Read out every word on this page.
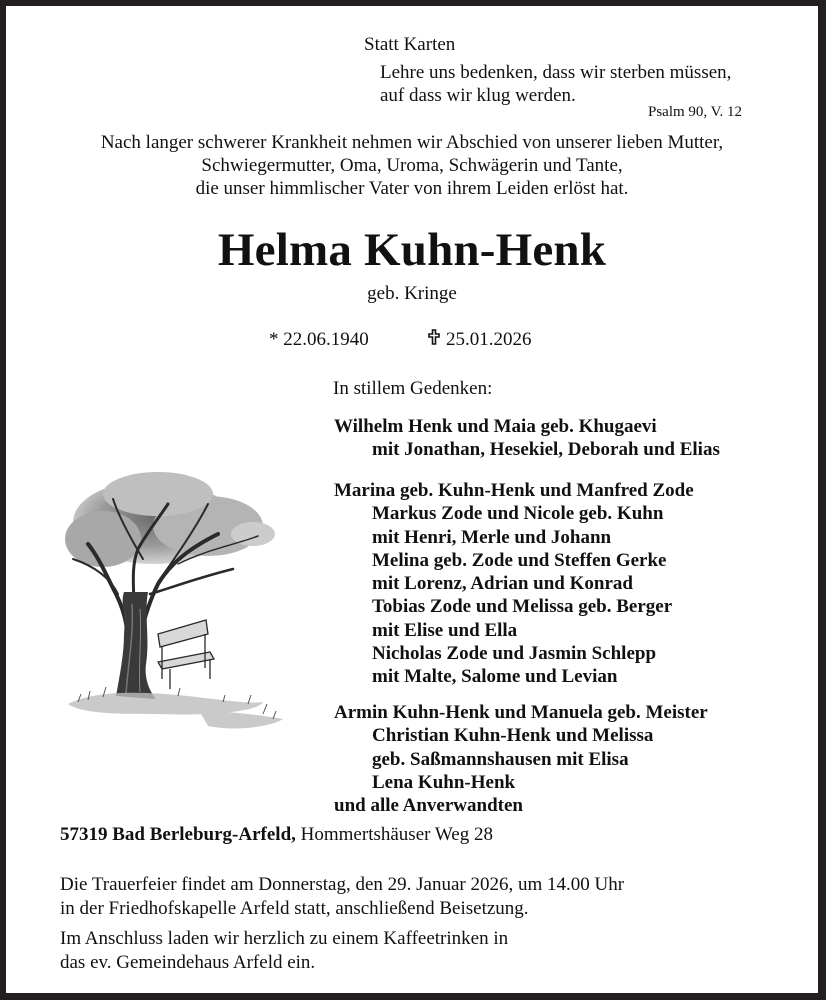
Statt Karten
Lehre uns bedenken, dass wir sterben müssen,
auf dass wir klug werden.
Psalm 90, V. 12
Nach langer schwerer Krankheit nehmen wir Abschied von unserer lieben Mutter,
Schwiegermutter, Oma, Uroma, Schwägerin und Tante,
die unser himmlischer Vater von ihrem Leiden erlöst hat.
Helma Kuhn-Henk
geb. Kringe
* 22.06.1940	25.01.2026
In stillem Gedenken:
Wilhelm Henk und Maia geb. Khugaevi
mit Jonathan, Hesekiel, Deborah und Elias
Marina geb. Kuhn-Henk und Manfred Zode
Markus Zode und Nicole geb. Kuhn
mit Henri, Merle und Johann
Melina geb. Zode und Steffen Gerke
mit Lorenz, Adrian und Konrad
Tobias Zode und Melissa geb. Berger
mit Elise und Ella
Nicholas Zode und Jasmin Schlepp
mit Malte, Salome und Levian
Armin Kuhn-Henk und Manuela geb. Meister
Christian Kuhn-Henk und Melissa
geb. Saßmannshausen mit Elisa
Lena Kuhn-Henk
und alle Anverwandten
57319 Bad Berleburg-Arfeld, Hommertshäuser Weg 28
Die Trauerfeier findet am Donnerstag, den 29. Januar 2026, um 14.00 Uhr
in der Friedhofskapelle Arfeld statt, anschließend Beisetzung.
Im Anschluss laden wir herzlich zu einem Kaffeetrinken in
das ev. Gemeindehaus Arfeld ein.
